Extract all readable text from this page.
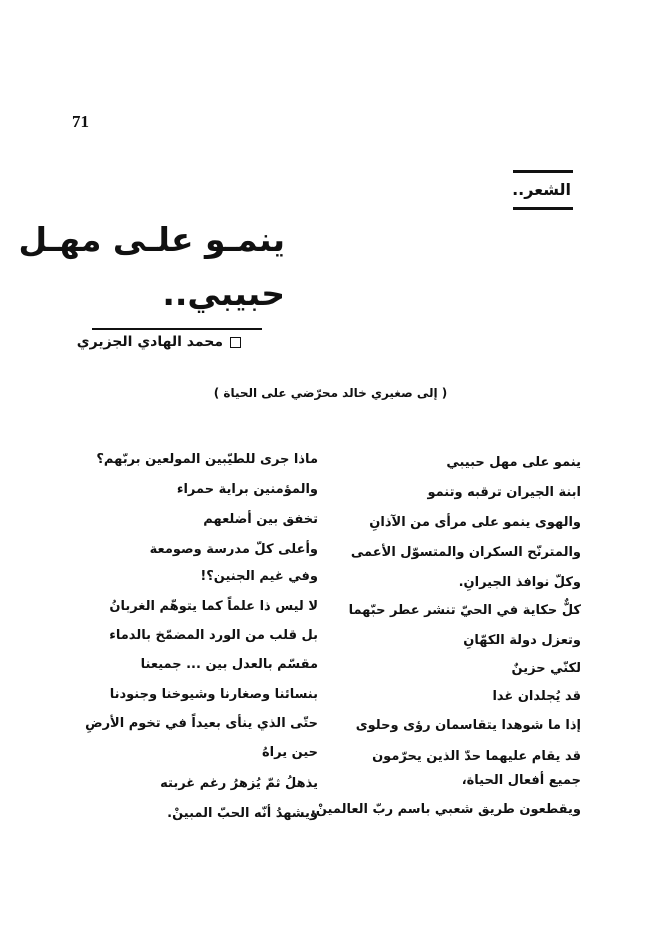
71
الشعر..
ينمـو علـى مهـل
حبيبي..
محمد الهادي الجزيري
( إلى صغيري خالد محرّضي على الحياة )
ينمو على مهل حبيبي
ابنة الجيران ترقبه وتنمو
والهوى ينمو على مرأى من الآذانِ
والمترنّح السكران والمتسوّل الأعمى
وكلّ نوافذ الجيرانِ.
كلٌّ حكاية في الحيّ تنشر عطر حبّهما
وتعزل دولة الكهّانِ
لكنّي حزينٌ
قد يُجلدان غدا
إذا ما شوهدا يتقاسمان رؤى وحلوى
قد يقام عليهما حدّ الذين يحرّمون جميع أفعال الحياة،
ويقطعون طريق شعبي باسم ربّ العالمينْ.
ماذا جرى للطيّبين المولعين بربّهم؟
والمؤمنين براية حمراء
تخفق بين أضلعهم
وأعلى كلّ مدرسة وصومعة
وفي غيم الجنين؟!
لا ليس ذا علماً كما يتوهّم الغربانُ
بل قلب من الورد المضمّخ بالدماء
مقسّم بالعدل بين ... جميعنا
بنسائنا وصغارنا وشيوخنا وجنودنا
حتّى الذي ينأى بعيداً في تخوم الأرضِ
حين يراهُ
يذهلُ ثمّ يُزهرُ رغم غربته
ويشهدُ أنّه الحبّ المبينْ.
